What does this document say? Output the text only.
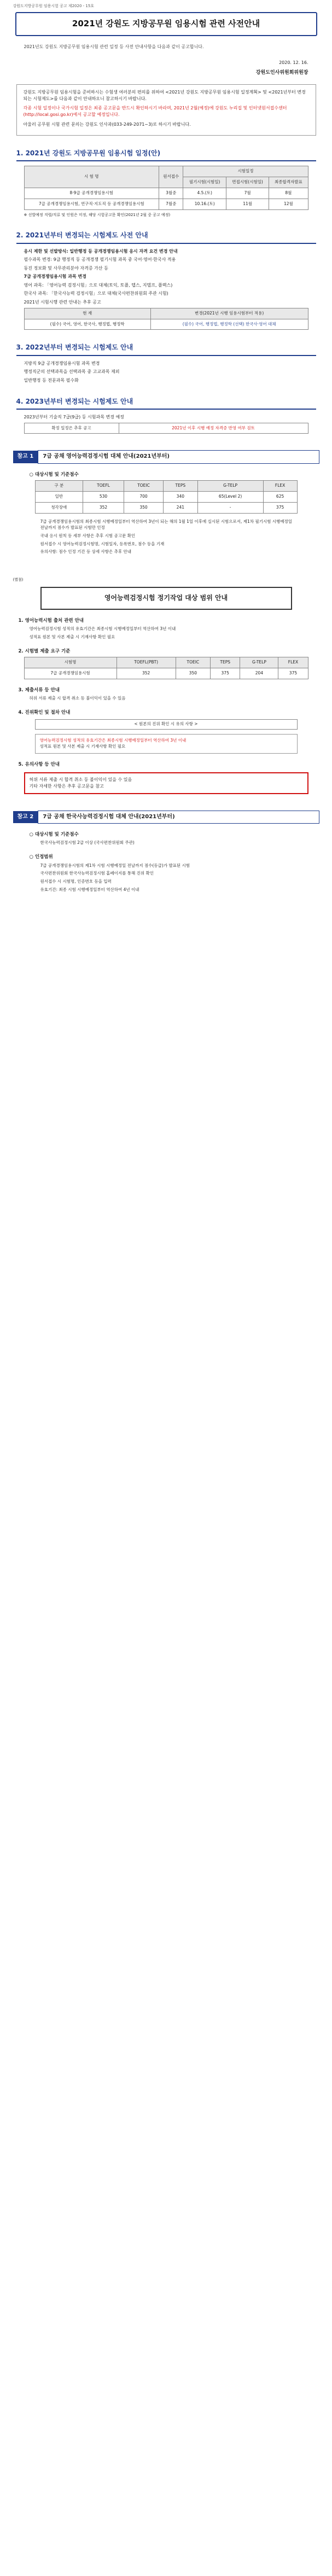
강원도지방공무원 임용시험 공고 제2020 - 15호
2021년 강원도 지방공무원 임용시험 관련 사전안내
2021년도 강원도 지방공무원 임용시험 관련 일정 등 사전 안내사항을 다음과 같이 공고합니다.
2020. 12. 16.
강원도인사위원회위원장

강원도 지방공무원 임용시험을 준비하시는 수험생 여러분의 편의를 위하여 <2021년 강원도 지방공무원 임용시험 일정계획> 및 <2021년부터 변경되는 시험제도>를 다음과 같이 안내하오니 참고하시기 바랍니다.

각종 시험 일정이나 국가시험 일정은 최종 공고문을 반드시 확인하시기 바라며, 2021년 2월(예정)에 강원도 누리집 및 인터넷원서접수센터(http://local.gosi.go.kr)에서 공고할 예정입니다.

아울러 공무원 시험 관련 문의는 강원도 인사과(033-249-2071~3)로 하시기 바랍니다.

1. 2021년 강원도 지방공무원 임용시험 일정(안)
시 험 명	원서접수	시험일정		
		필기시험(시험일)	면접시험(시험일)	최종합격자발표
8·9급 공개경쟁임용시험	3월중	4.5.(토)	7월	8월
7급 공개경쟁임용시험, 연구직·지도직 등 공개경쟁임용시험	7월중	10.16.(토)	11월	12월
※ 선발예정 직렬/직류 및 인원은 미정, 해당 시험공고문 확인(2021년 2월 중 공고 예정)
2. 2021년부터 변경되는 시험제도 사전 안내
응시 제한 및 선발방식: 일반행정 등 공개경쟁임용시험 응시 자격 요건 변경 안내
필수과목 변경: 9급 행정직 등 공개경쟁 필기시험 과목 중 국어·영어·한국사 적용
동진 정보화 및 사무관리분야 자격증 가산 등
7급 공개경쟁임용시험 과목 변경
영어 과목: 「영어능력 검정시험」으로 대체(토익, 토플, 텝스, 지텔프, 플렉스)
한국사 과목: 「한국사능력 검정시험」으로 대체(국사편찬위원회 주관 시험)
2021년 시험시행 관련 안내는 추후 공고
현 재	변경(2021년 시행 임용시험부터 적용)
(필수) 국어, 영어, 한국사, 행정법, 행정학	(필수) 국어, 행정법, 행정학 (선택) 한국사·영어 대체
3. 2022년부터 변경되는 시험제도 안내
지방직 9급 공개경쟁임용시험 과목 변경
행정직군의 선택과목을 선택과목 중 고교과목 제외
일반행정 등 전문과목 필수화
4. 2023년부터 변경되는 시험제도 안내
2023년부터 기술직 7급(9급) 등 시험과목 변경 예정
확정 일정은 추후 공고	2021년 이후 시행 예정 자격증 반영 여부 검토
참고 1	7급 공채 영어능력검정시험 대체 안내(2021년부터)
○ 대상시험 및 기준점수
구 분	TOEFL	TOEIC	TEPS	G-TELP	FLEX
일반	530	700	340	65(Level 2)	625
청각장애	352	350	241	-	375
7급 공개경쟁임용시험의 최종시험 시행예정일부터 역산하여 3년이 되는 해의 1월 1일 이후에 실시된 시험으로서, 제1차 필기시험 시행예정일 전날까지 점수가 발표된 시험만 인정
국내 응시 원칙 등 세부 사항은 추후 시험 공고문 확인
원서접수 시 영어능력검정시험명, 시험일자, 등록번호, 점수 등을 기재
유의사항: 점수 인정 기간 등 상세 사항은 추후 안내
(별첨)
영어능력검정시험 정기작업 대상 범위 안내
1. 영어능력시험 출처 관련 안내
영어능력검정시험 성적의 유효기간은 최종시험 시행예정일부터 역산하여 3년 이내
성적표 원본 및 사본 제출 시 기재사항 확인 필요
2. 시험별 제출 요구 기준
시험명	TOEFL(PBT)	TOEIC	TEPS	G-TELP	FLEX
7급 공개경쟁임용시험	352	350	375	204	375
3. 제출서류 등 안내
허위 서류 제출 시 합격 취소 등 불이익이 있을 수 있음
4. 진위확인 및 절차 안내
< 원본의 진위 확인 시 유의 사항 >
영어능력검정시험 성적의 유효기간은 최종시험 시행예정일부터 역산하여 3년 이내
성적표 원본 및 사본 제출 시 기재사항 확인 필요
5. 유의사항 등 안내
허위 서류 제출 시 합격 취소 등 불이익이 있을 수 있음
기타 자세한 사항은 추후 공고문을 참고
참고 2	7급 공채 한국사능력검정시험 대체 안내(2021년부터)
○ 대상시험 및 기준점수
한국사능력검정시험 2급 이상 (국사편찬위원회 주관)
○ 인정범위
7급 공개경쟁임용시험의 제1차 시험 시행예정일 전날까지 점수(등급)가 발표된 시험
국사편찬위원회 한국사능력검정시험 홈페이지를 통해 진위 확인
원서접수 시 시험명, 인증번호 등을 입력
유효기간: 최종 시험 시행예정일부터 역산하여 4년 이내
